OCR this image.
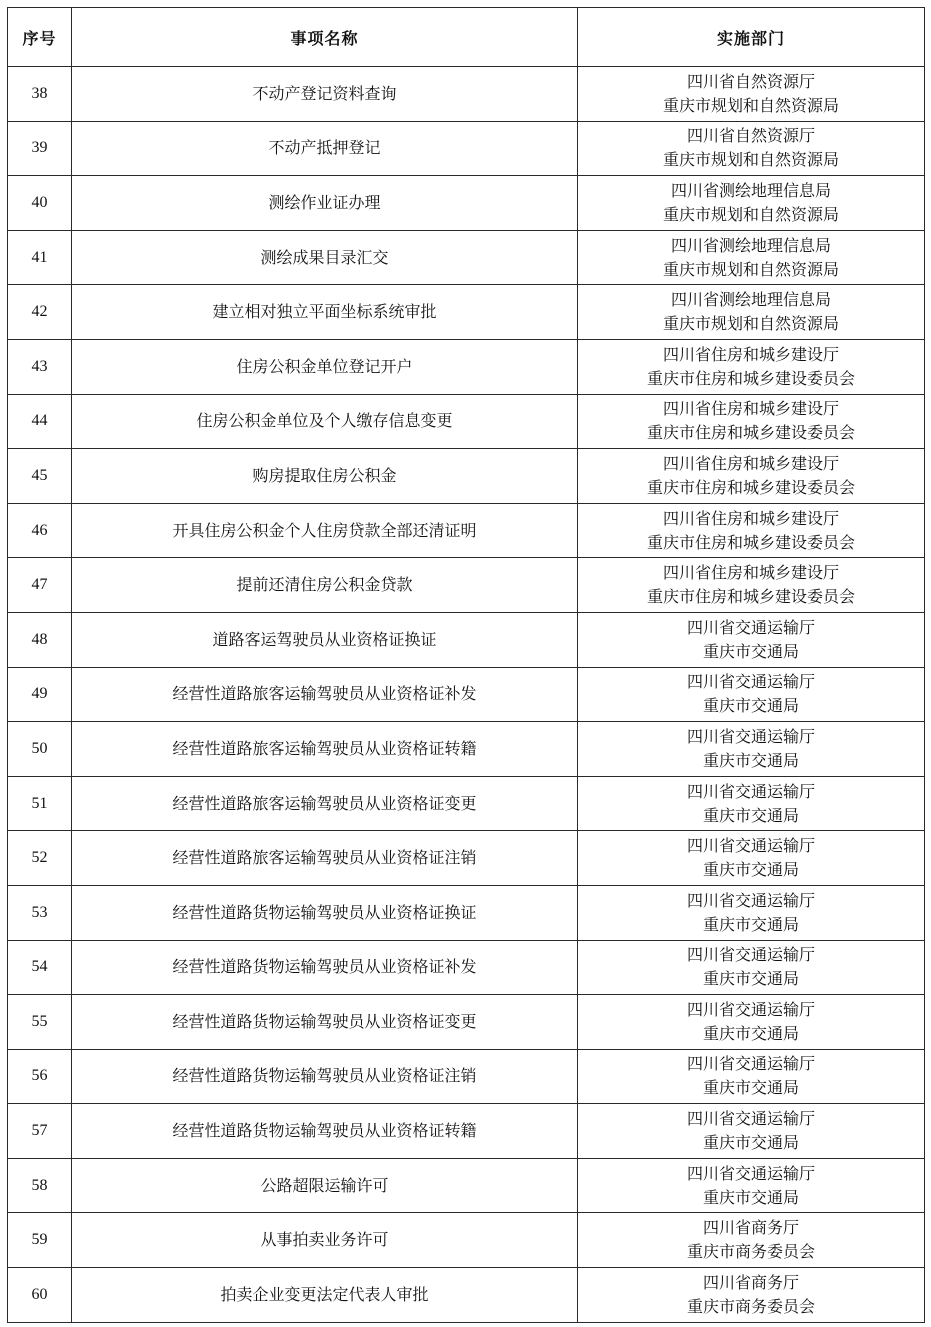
序号	事项名称	实施部门
38	不动产登记资料查询	四川省自然资源厅
重庆市规划和自然资源局

39	不动产抵押登记	四川省自然资源厅
重庆市规划和自然资源局

40	测绘作业证办理	四川省测绘地理信息局
重庆市规划和自然资源局

41	测绘成果目录汇交	四川省测绘地理信息局
重庆市规划和自然资源局

42	建立相对独立平面坐标系统审批	四川省测绘地理信息局
重庆市规划和自然资源局

43	住房公积金单位登记开户	四川省住房和城乡建设厅
重庆市住房和城乡建设委员会

44	住房公积金单位及个人缴存信息变更	四川省住房和城乡建设厅
重庆市住房和城乡建设委员会

45	购房提取住房公积金	四川省住房和城乡建设厅
重庆市住房和城乡建设委员会

46	开具住房公积金个人住房贷款全部还清证明	四川省住房和城乡建设厅
重庆市住房和城乡建设委员会

47	提前还清住房公积金贷款	四川省住房和城乡建设厅
重庆市住房和城乡建设委员会

48	道路客运驾驶员从业资格证换证	四川省交通运输厅
重庆市交通局

49	经营性道路旅客运输驾驶员从业资格证补发	四川省交通运输厅
重庆市交通局

50	经营性道路旅客运输驾驶员从业资格证转籍	四川省交通运输厅
重庆市交通局

51	经营性道路旅客运输驾驶员从业资格证变更	四川省交通运输厅
重庆市交通局

52	经营性道路旅客运输驾驶员从业资格证注销	四川省交通运输厅
重庆市交通局

53	经营性道路货物运输驾驶员从业资格证换证	四川省交通运输厅
重庆市交通局

54	经营性道路货物运输驾驶员从业资格证补发	四川省交通运输厅
重庆市交通局

55	经营性道路货物运输驾驶员从业资格证变更	四川省交通运输厅
重庆市交通局

56	经营性道路货物运输驾驶员从业资格证注销	四川省交通运输厅
重庆市交通局

57	经营性道路货物运输驾驶员从业资格证转籍	四川省交通运输厅
重庆市交通局

58	公路超限运输许可	四川省交通运输厅
重庆市交通局

59	从事拍卖业务许可	四川省商务厅
重庆市商务委员会

60	拍卖企业变更法定代表人审批	四川省商务厅
重庆市商务委员会
